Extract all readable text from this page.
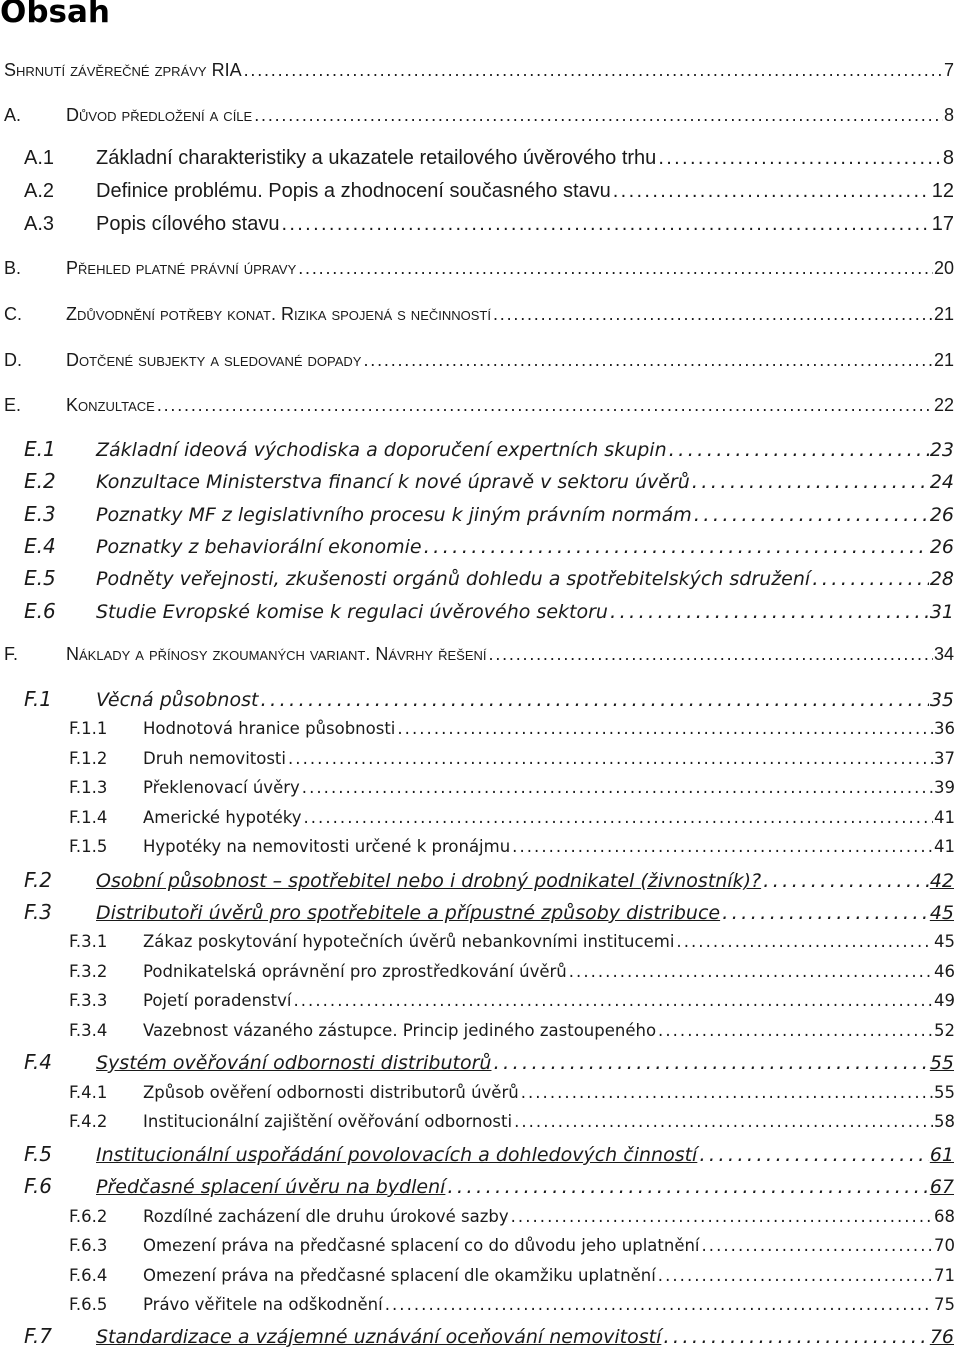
Obsah
Shrnutí závěrečné zprávy RIA . . .	7
A.	Důvod předložení a cíle . . .	8
A.1	Základní charakteristiky a ukazatele retailového úvěrového trhu . . .	8
A.2	Definice problému. Popis a zhodnocení současného stavu . . .	12
A.3	Popis cílového stavu . . .	17
B.	Přehled platné právní úpravy . . .	20
C.	Zdůvodnění potřeby konat. Rizika spojená s nečinností . . .	21
D.	Dotčené subjekty a sledované dopady . . .	21
E.	Konzultace . . .	22
E.1	Základní ideová východiska a doporučení expertních skupin . . .	23
E.2	Konzultace Ministerstva financí k nové úpravě v sektoru úvěrů . . .	24
E.3	Poznatky MF z legislativního procesu k jiným právním normám . . .	26
E.4	Poznatky z behaviorální ekonomie . . .	26
E.5	Podněty veřejnosti, zkušenosti orgánů dohledu a spotřebitelských sdružení . . .	28
E.6	Studie Evropské komise k regulaci úvěrového sektoru . . .	31
F.	Náklady a přínosy zkoumaných variant. Návrhy řešení . . .	34
F.1	Věcná působnost . . .	35
F.1.1	Hodnotová hranice působnosti . . .	36
F.1.2	Druh nemovitosti . . .	37
F.1.3	Překlenovací úvěry . . .	39
F.1.4	Americké hypotéky . . .	41
F.1.5	Hypotéky na nemovitosti určené k pronájmu . . .	41
F.2	Osobní působnost – spotřebitel nebo i drobný podnikatel (živnostník)? . . .	42
F.3	Distributoři úvěrů pro spotřebitele a přípustné způsoby distribuce . . .	45
F.3.1	Zákaz poskytování hypotečních úvěrů nebankovními institucemi . . .	45
F.3.2	Podnikatelská oprávnění pro zprostředkování úvěrů . . .	46
F.3.3	Pojetí poradenství . . .	49
F.3.4	Vazebnost vázaného zástupce. Princip jediného zastoupeného . . .	52
F.4	Systém ověřování odbornosti distributorů . . .	55
F.4.1	Způsob ověření odbornosti distributorů úvěrů . . .	55
F.4.2	Institucionální zajištění ověřování odbornosti . . .	58
F.5	Institucionální uspořádání povolovacích a dohledových činností . . .	61
F.6	Předčasné splacení úvěru na bydlení . . .	67
F.6.2	Rozdílné zacházení dle druhu úrokové sazby . . .	68
F.6.3	Omezení práva na předčasné splacení co do důvodu jeho uplatnění . . .	70
F.6.4	Omezení práva na předčasné splacení dle okamžiku uplatnění . . .	71
F.6.5	Právo věřitele na odškodnění . . .	75
F.7	Standardizace a vzájemné uznávání oceňování nemovitostí . . .	76
